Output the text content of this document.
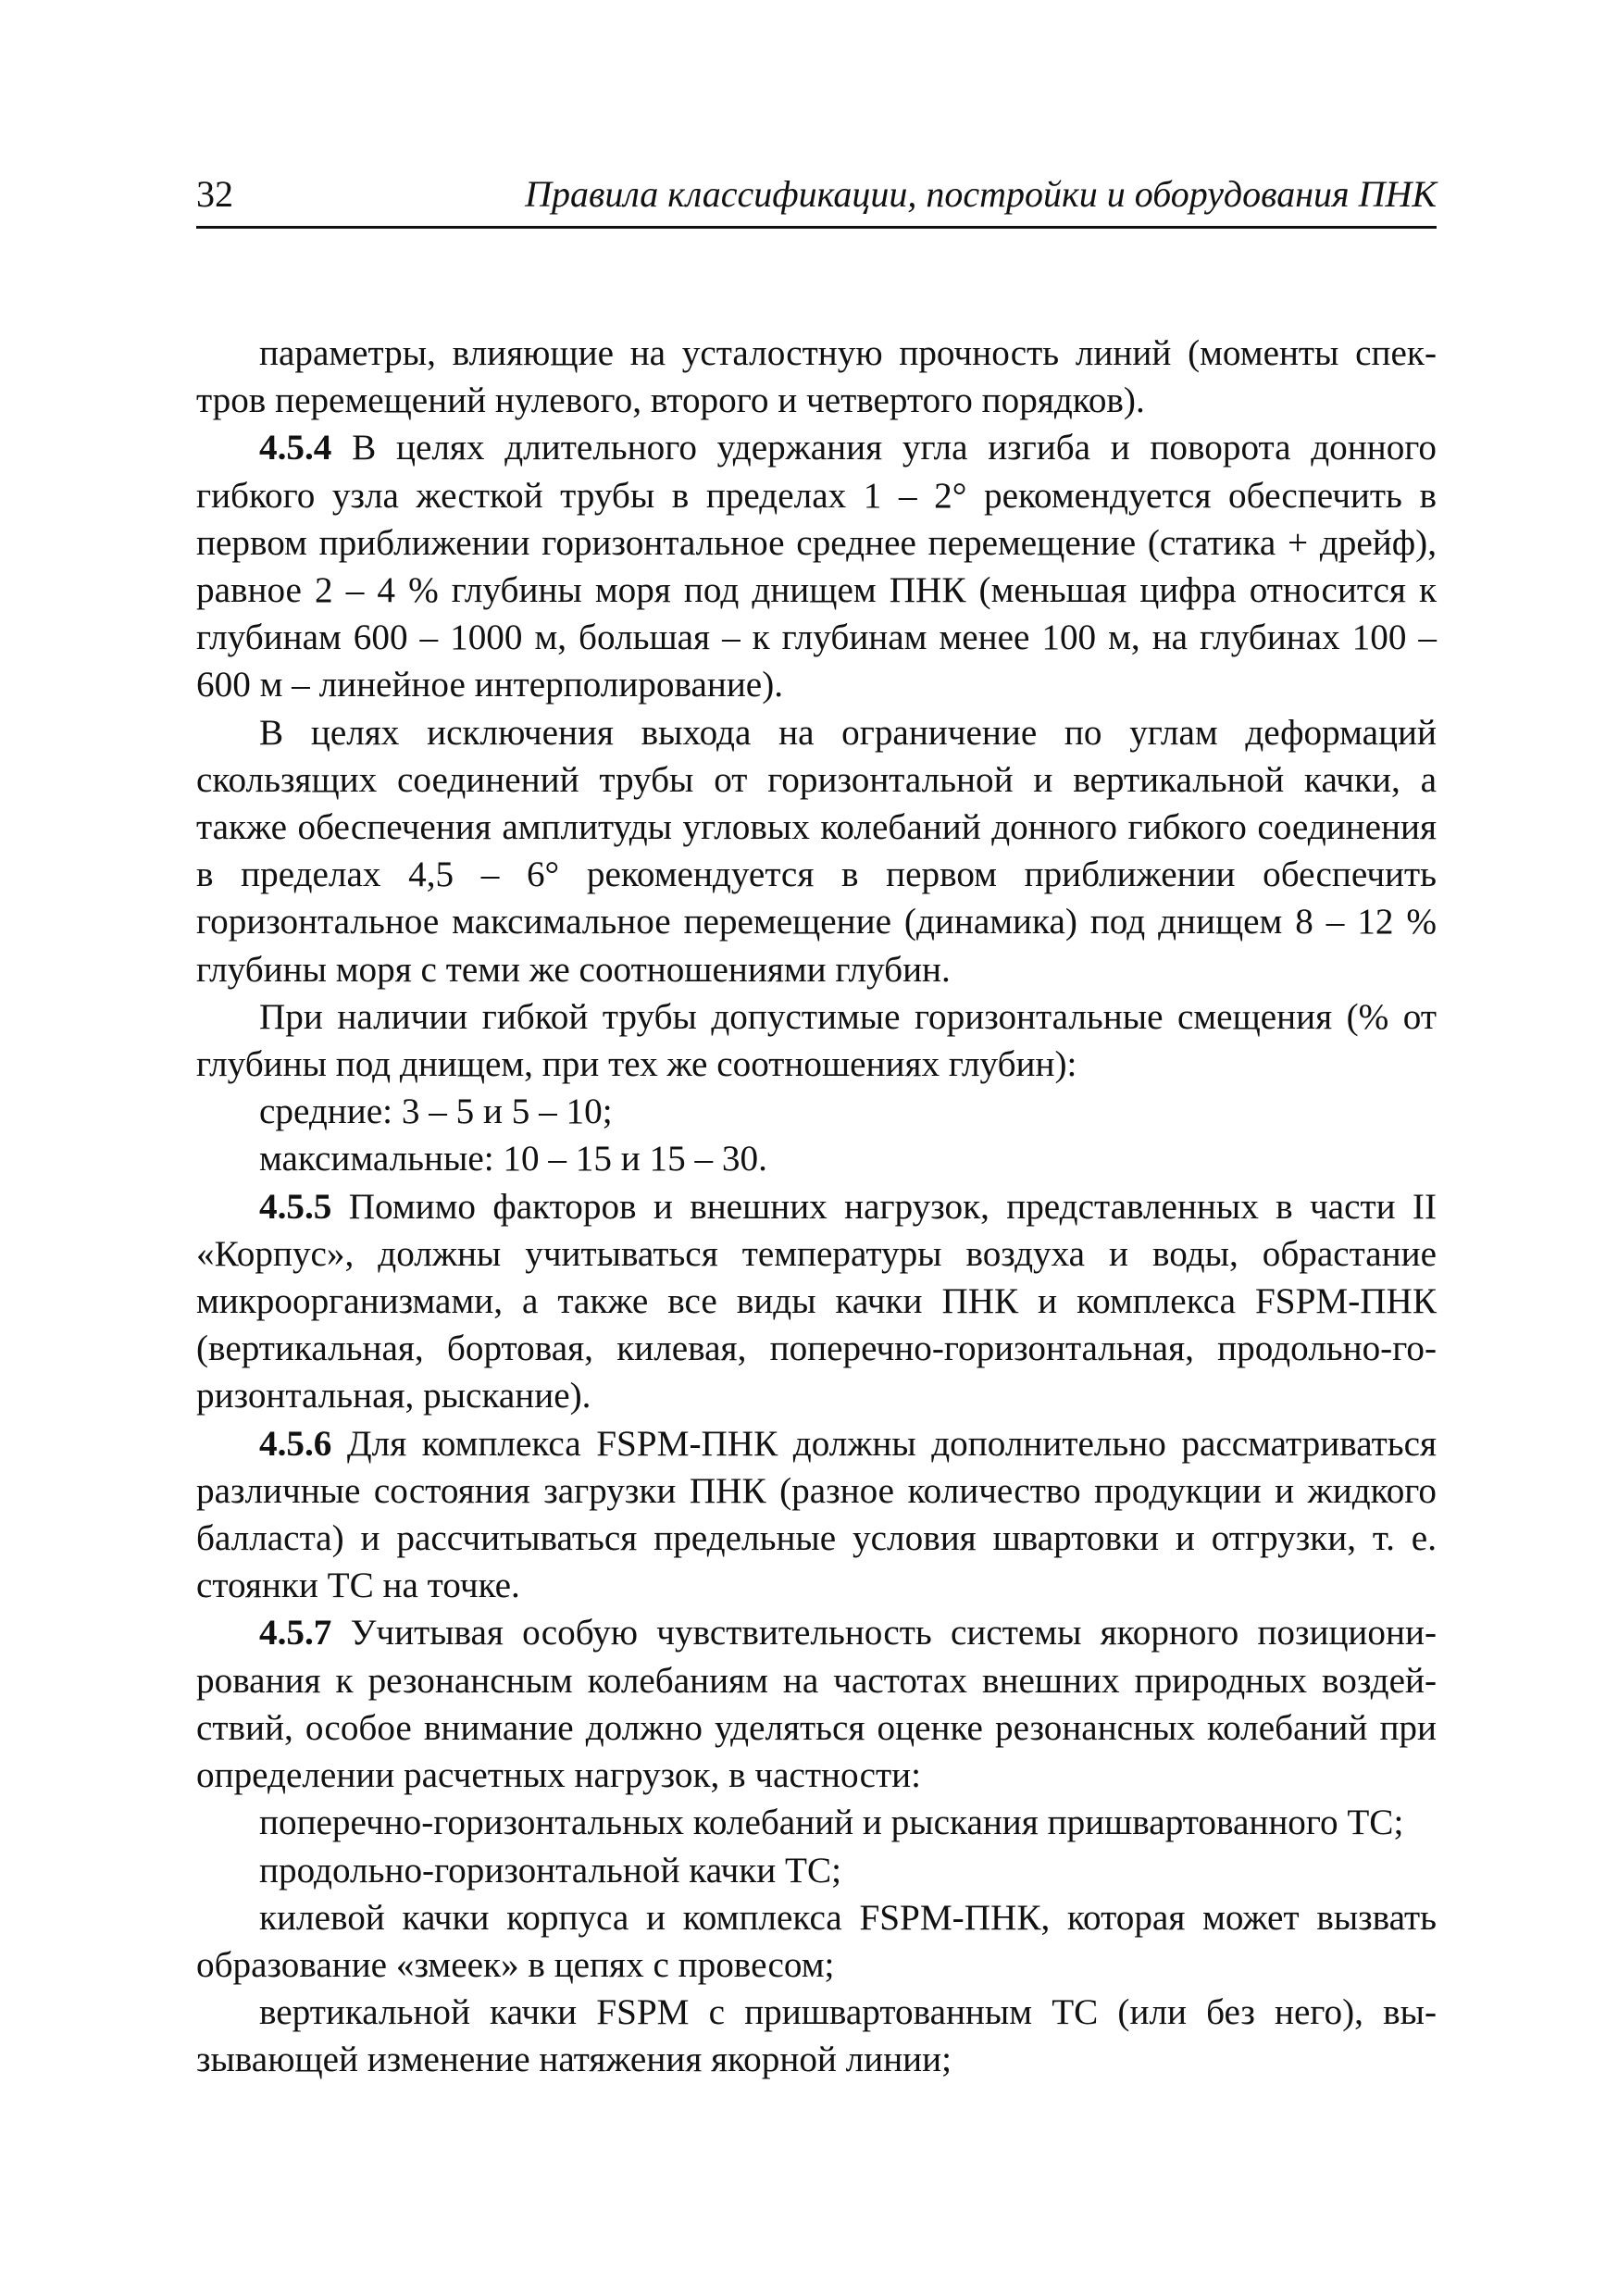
32	Правила классификации, постройки и оборудования ПНК

параметры, влияющие на усталостную прочность линий (моменты спектров перемещений нулевого, второго и четвертого порядков).

4.5.4 В целях длительного удержания угла изгиба и поворота донного гибкого узла жесткой трубы в пределах 1 – 2° рекомендуется обеспечить в первом приближении горизонтальное среднее перемещение (статика + дрейф), равное 2 – 4 % глубины моря под днищем ПНК (меньшая цифра относится к глубинам 600 – 1000 м, большая – к глубинам менее 100 м, на глубинах 100 – 600 м – линейное интерполирование).

В целях исключения выхода на ограничение по углам деформаций скользящих соединений трубы от горизонтальной и вертикальной качки, а также обеспечения амплитуды угловых колебаний донного гибкого соединения в пределах 4,5 – 6° рекомендуется в первом приближении обеспечить горизонтальное максимальное перемещение (динамика) под днищем 8 – 12 % глубины моря с теми же соотношениями глубин.

При наличии гибкой трубы допустимые горизонтальные смещения (% от глубины под днищем, при тех же соотношениях глубин):

средние: 3 – 5 и 5 – 10;

максимальные: 10 – 15 и 15 – 30.

4.5.5 Помимо факторов и внешних нагрузок, представленных в части II «Корпус», должны учитываться температуры воздуха и воды, обрастание микроорганизмами, а также все виды качки ПНК и комплекса FSPM-ПНК (вертикальная, бортовая, килевая, поперечно-горизонтальная, продольно-горизонтальная, рыскание).

4.5.6 Для комплекса FSPM-ПНК должны дополнительно рассматриваться различные состояния загрузки ПНК (разное количество продукции и жидкого балласта) и рассчитываться предельные условия швартовки и отгрузки, т. е. стоянки ТС на точке.

4.5.7 Учитывая особую чувствительность системы якорного позиционирования к резонансным колебаниям на частотах внешних природных воздействий, особое внимание должно уделяться оценке резонансных колебаний при определении расчетных нагрузок, в частности:

поперечно-горизонтальных колебаний и рыскания пришвартованного ТС;

продольно-горизонтальной качки ТС;

килевой качки корпуса и комплекса FSPM-ПНК, которая может вызвать образование «змеек» в цепях с провесом;

вертикальной качки FSPM с пришвартованным ТС (или без него), вызывающей изменение натяжения якорной линии;
